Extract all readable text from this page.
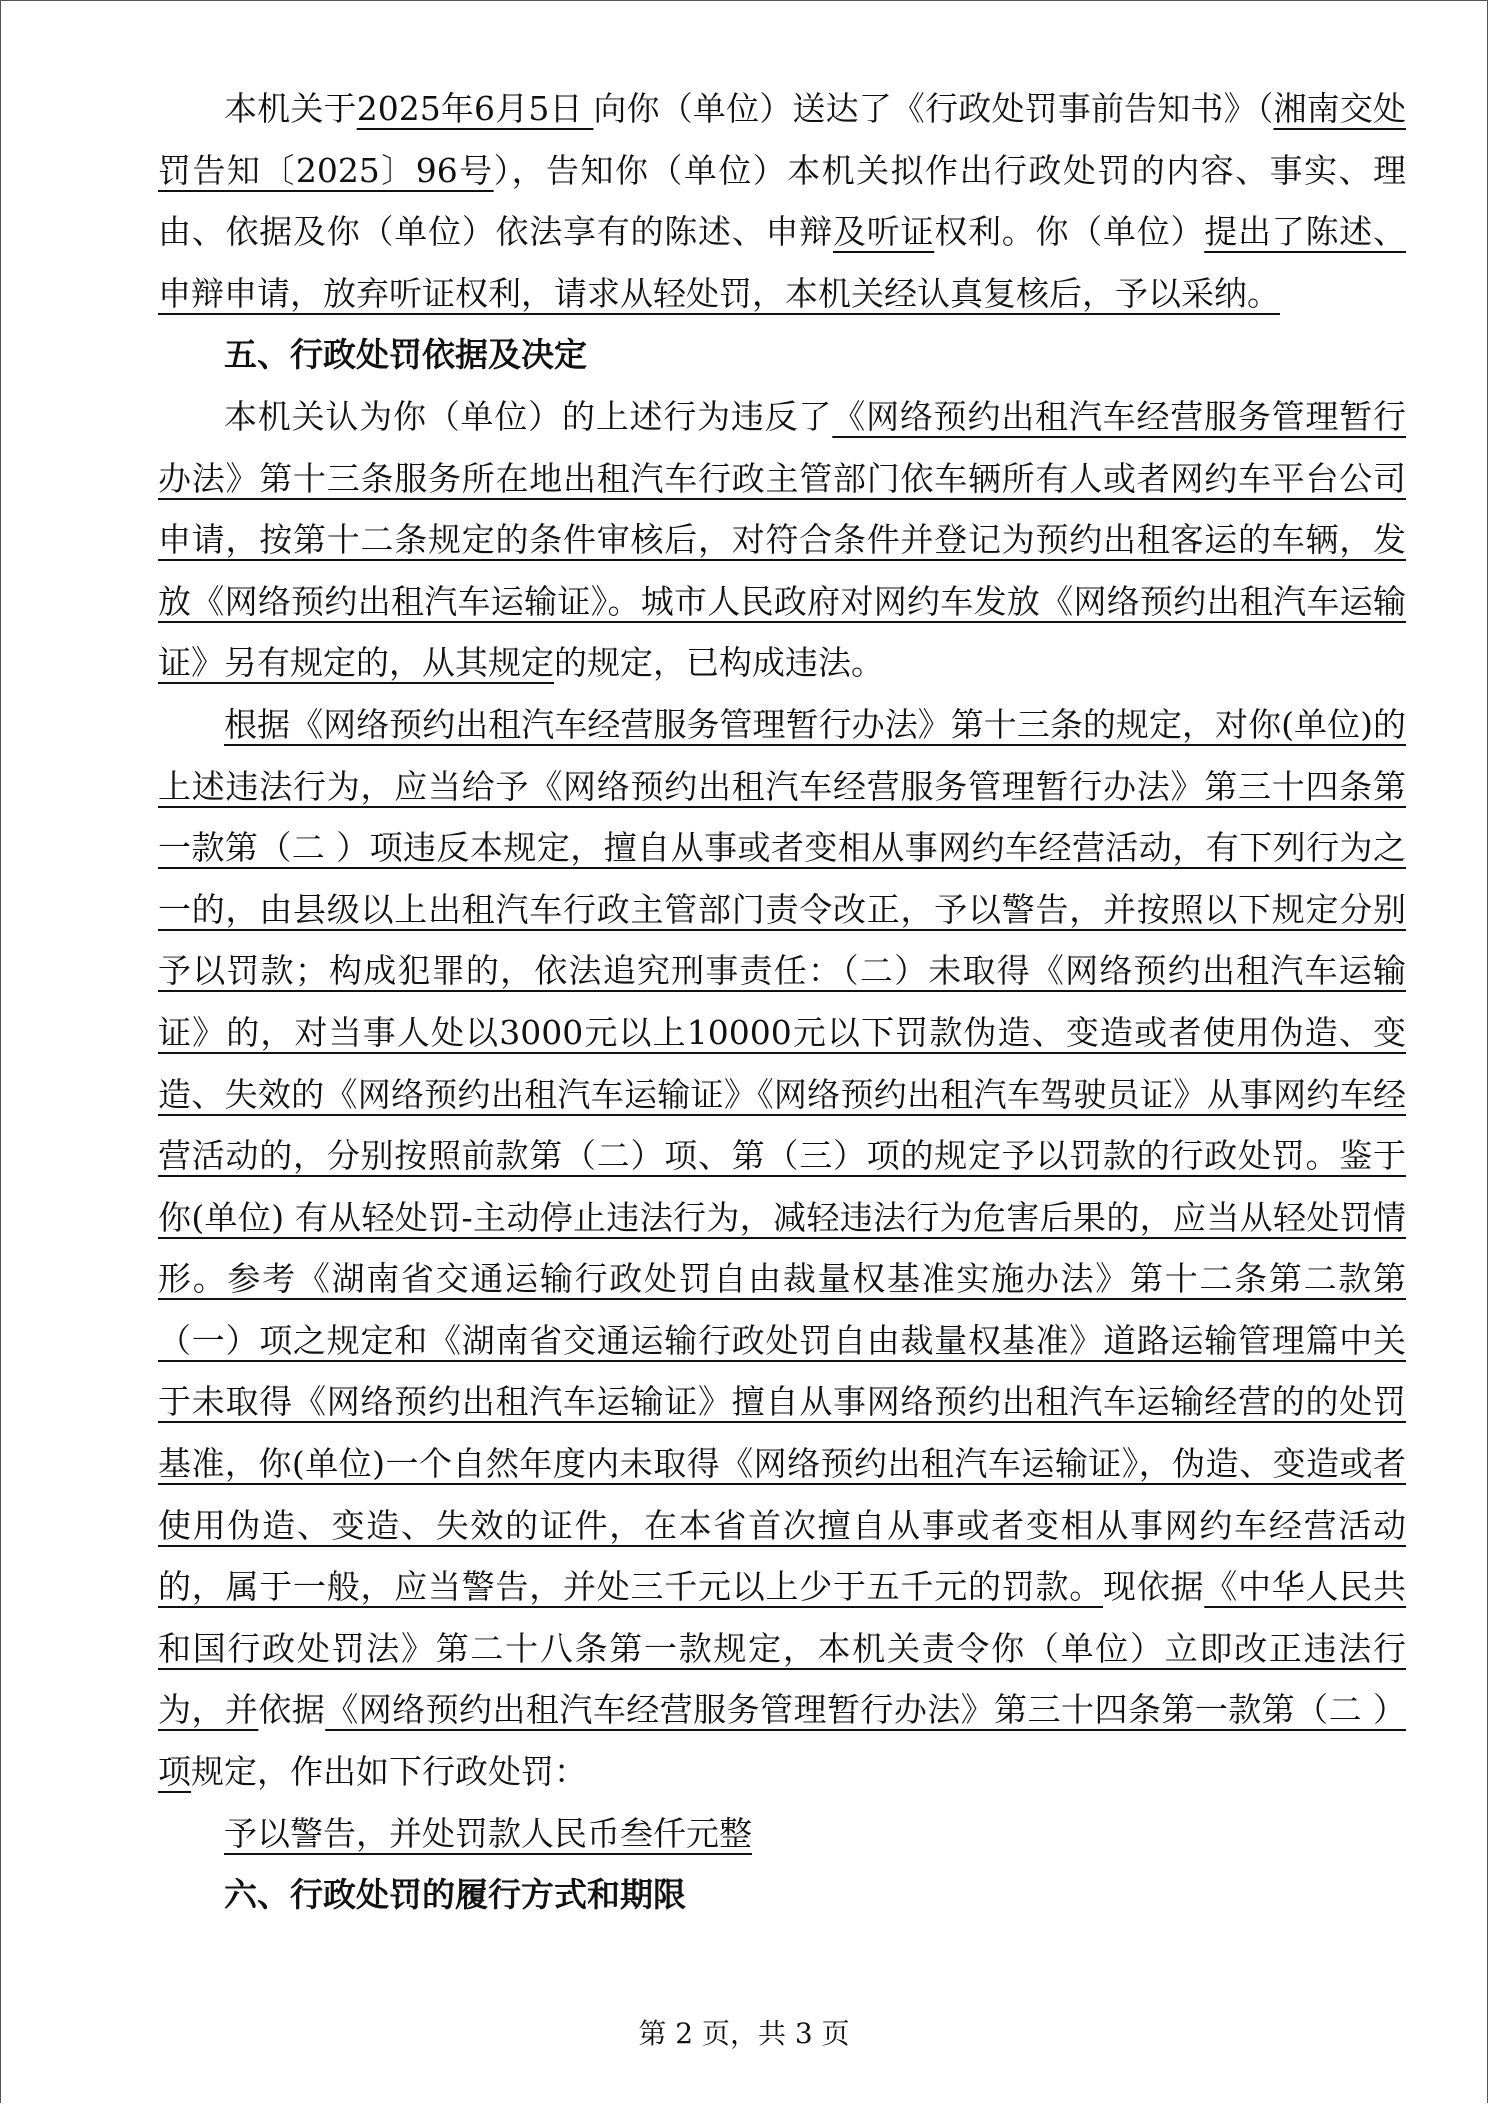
本机关于2025年6月5日 向你（单位）送达了《行政处罚事前告知书》（湘南交处罚告知〔2025〕96号），告知你（单位）本机关拟作出行政处罚的内容、事实、理由、依据及你（单位）依法享有的陈述、申辩及听证权利。你（单位）提出了陈述、申辩申请，放弃听证权利，请求从轻处罚，本机关经认真复核后，予以采纳。

五、行政处罚依据及决定

本机关认为你（单位）的上述行为违反了《网络预约出租汽车经营服务管理暂行办法》第十三条服务所在地出租汽车行政主管部门依车辆所有人或者网约车平台公司申请，按第十二条规定的条件审核后，对符合条件并登记为预约出租客运的车辆，发放《网络预约出租汽车运输证》。城市人民政府对网约车发放《网络预约出租汽车运输证》另有规定的，从其规定的规定，已构成违法。

根据《网络预约出租汽车经营服务管理暂行办法》第十三条的规定，对你(单位)的上述违法行为，应当给予《网络预约出租汽车经营服务管理暂行办法》第三十四条第一款第（二 ）项违反本规定，擅自从事或者变相从事网约车经营活动，有下列行为之一的，由县级以上出租汽车行政主管部门责令改正，予以警告，并按照以下规定分别予以罚款；构成犯罪的，依法追究刑事责任：（二）未取得《网络预约出租汽车运输证》的，对当事人处以3000元以上10000元以下罚款伪造、变造或者使用伪造、变造、失效的《网络预约出租汽车运输证》《网络预约出租汽车驾驶员证》从事网约车经营活动的，分别按照前款第（二）项、第（三）项的规定予以罚款的行政处罚。鉴于你(单位) 有从轻处罚-主动停止违法行为，减轻违法行为危害后果的，应当从轻处罚情形。参考《湖南省交通运输行政处罚自由裁量权基准实施办法》第十二条第二款第（一）项之规定和《湖南省交通运输行政处罚自由裁量权基准》道路运输管理篇中关于未取得《网络预约出租汽车运输证》擅自从事网络预约出租汽车运输经营的的处罚基准，你(单位)一个自然年度内未取得《网络预约出租汽车运输证》，伪造、变造或者使用伪造、变造、失效的证件，在本省首次擅自从事或者变相从事网约车经营活动的，属于一般，应当警告，并处三千元以上少于五千元的罚款。现依据《中华人民共和国行政处罚法》第二十八条第一款规定，本机关责令你（单位）立即改正违法行为，并依据《网络预约出租汽车经营服务管理暂行办法》第三十四条第一款第（二 ）项规定，作出如下行政处罚：

予以警告，并处罚款人民币叁仟元整

六、行政处罚的履行方式和期限

第 2 页，共 3 页
